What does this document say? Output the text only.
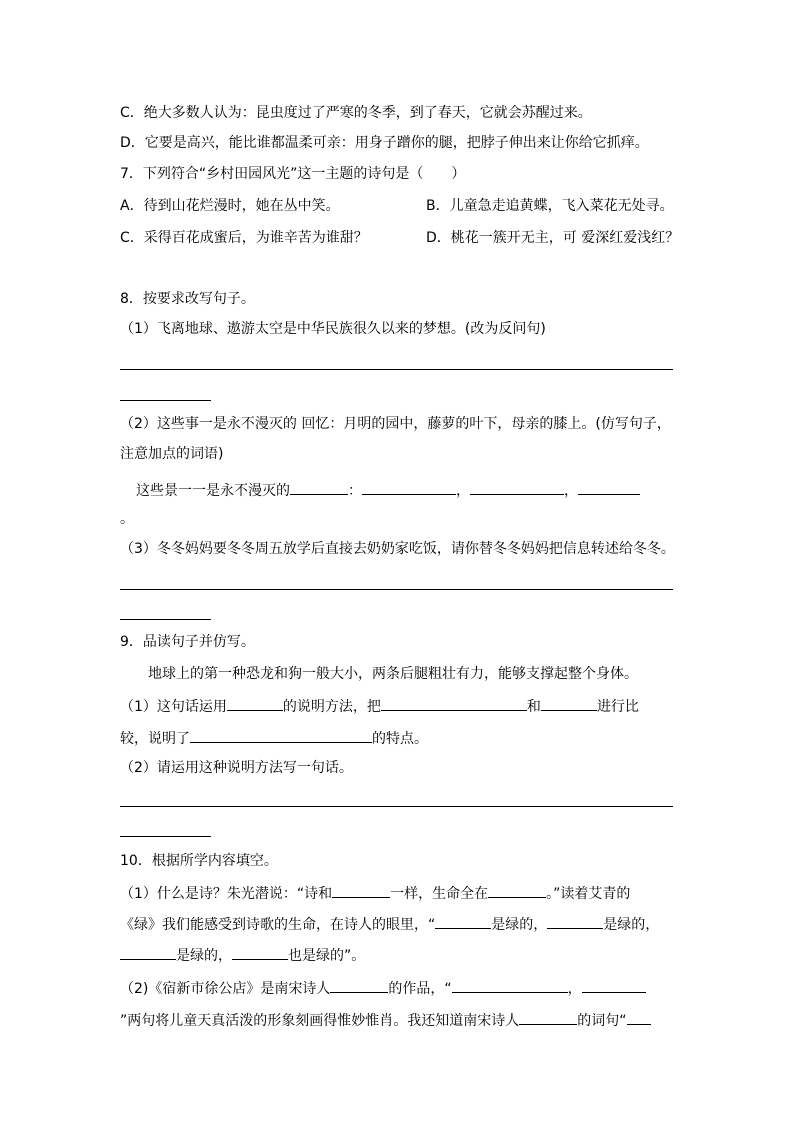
C．绝大多数人认为：昆虫度过了严寒的冬季，到了春天，它就会苏醒过来。
D．它要是高兴，能比谁都温柔可亲：用身子蹭你的腿，把脖子伸出来让你给它抓痒。
7．下列符合“乡村田园风光”这一主题的诗句是（　　）
A．待到山花烂漫时，她在丛中笑。	B．儿童急走追黄蝶，飞入菜花无处寻。
C．采得百花成蜜后，为谁辛苦为谁甜？	D．桃花一簇开无主，可 爱深红爱浅红？
8．按要求改写句子。
（1）飞离地球、遨游太空是中华民族很久以来的梦想。(改为反问句)
（2）这些事一是永不漫灭的 回忆：月明的园中，藤萝的叶下，母亲的膝上。(仿写句子，
注意加点的词语)
这些景一一是永不漫灭的	：	，	，
。
（3）冬冬妈妈要冬冬周五放学后直接去奶奶家吃饭，请你替冬冬妈妈把信息转述给冬冬。
9．品读句子并仿写。
地球上的第一种恐龙和狗一般大小，两条后腿粗壮有力，能够支撑起整个身体。
（1）这句话运用	的说明方法，把	和	进行比
较，说明了	的特点。
（2）请运用这种说明方法写一句话。
10．根据所学内容填空。
（1）什么是诗？朱光潜说：“诗和	一样，生命全在	。”读着艾青的
《绿》我们能感受到诗歌的生命，在诗人的眼里，“	是绿的，	是绿的，
是绿的，	也是绿的”。
（2)《宿新市徐公店》是南宋诗人	的作品，“	，
”两句将儿童天真活泼的形象刻画得惟妙惟肖。我还知道南宋诗人	的词句“
